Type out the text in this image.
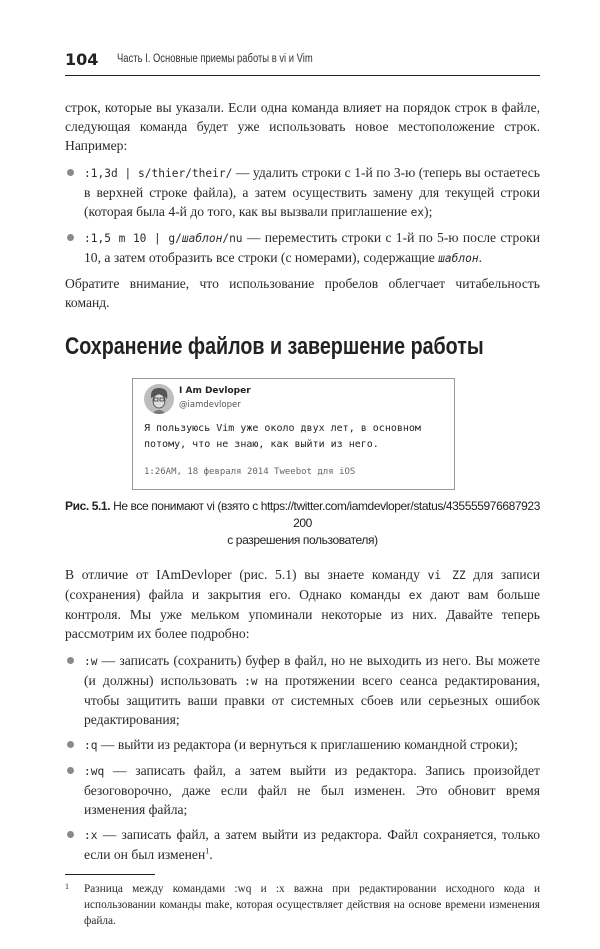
104 Часть I. Основные приемы работы в vi и Vim
строк, которые вы указали. Если одна команда влияет на порядок строк в файле, следующая команда будет уже использовать новое местоположение строк. Например:
:1,3d | s/thier/their/ — удалить строки с 1-й по 3-ю (теперь вы остаетесь в верхней строке файла), а затем осуществить замену для текущей строки (которая была 4-й до того, как вы вызвали приглашение ex);
:1,5 m 10 | g/шаблон/nu — переместить строки с 1-й по 5-ю после строки 10, а затем отобразить все строки (с номерами), содержащие шаблон.
Обратите внимание, что использование пробелов облегчает читабельность команд.
Сохранение файлов и завершение работы
I Am Devloper
@iamdevloper
Я пользуюсь Vim уже около двух лет, в основном
потому, что не знаю, как выйти из него.
1:26AM, 18 февраля 2014 Tweebot для iOS
Рис. 5.1. Не все понимают vi (взято с https://twitter.com/iamdevloper/status/435555976687923200
с разрешения пользователя)
В отличие от IAmDevloper (рис. 5.1) вы знаете команду vi ZZ для записи (сохранения) файла и закрытия его. Однако команды ex дают вам больше контроля. Мы уже мельком упоминали некоторые из них. Давайте теперь рассмотрим их более подробно:
:w — записать (сохранить) буфер в файл, но не выходить из него. Вы можете (и должны) использовать :w на протяжении всего сеанса редактирования, чтобы защитить ваши правки от системных сбоев или серьезных ошибок редактирования;
:q — выйти из редактора (и вернуться к приглашению командной строки);
:wq — записать файл, а затем выйти из редактора. Запись произойдет безоговорочно, даже если файл не был изменен. Это обновит время изменения файла;
:x — записать файл, а затем выйти из редактора. Файл сохраняется, только если он был изменен$^1$.
1	Разница между командами :wq и :x важна при редактировании исходного кода и использовании команды make, которая осуществляет действия на основе времени изменения файла.
